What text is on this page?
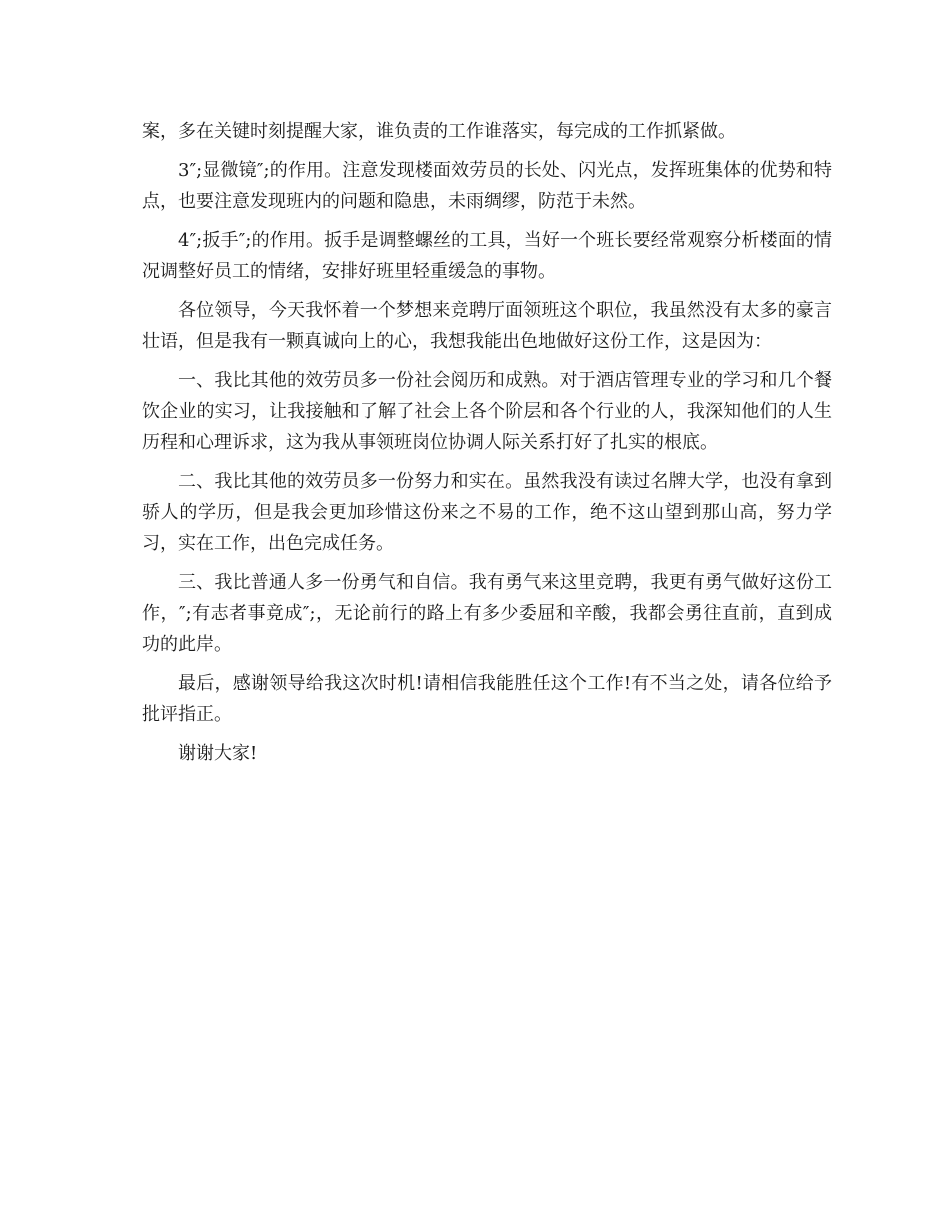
案，多在关键时刻提醒大家，谁负责的工作谁落实，每完成的工作抓紧做。

3″;显微镜″;的作用。注意发现楼面效劳员的长处、闪光点，发挥班集体的优势和特点，也要注意发现班内的问题和隐患，未雨绸缪，防范于未然。

4″;扳手″;的作用。扳手是调整螺丝的工具，当好一个班长要经常观察分析楼面的情况调整好员工的情绪，安排好班里轻重缓急的事物。

各位领导，今天我怀着一个梦想来竞聘厅面领班这个职位，我虽然没有太多的豪言壮语，但是我有一颗真诚向上的心，我想我能出色地做好这份工作，这是因为：

一、我比其他的效劳员多一份社会阅历和成熟。对于酒店管理专业的学习和几个餐饮企业的实习，让我接触和了解了社会上各个阶层和各个行业的人，我深知他们的人生历程和心理诉求，这为我从事领班岗位协调人际关系打好了扎实的根底。

二、我比其他的效劳员多一份努力和实在。虽然我没有读过名牌大学，也没有拿到骄人的学历，但是我会更加珍惜这份来之不易的工作，绝不这山望到那山高，努力学习，实在工作，出色完成任务。

三、我比普通人多一份勇气和自信。我有勇气来这里竞聘，我更有勇气做好这份工作，″;有志者事竟成″;，无论前行的路上有多少委屈和辛酸，我都会勇往直前，直到成功的此岸。

最后，感谢领导给我这次时机!请相信我能胜任这个工作!有不当之处，请各位给予批评指正。

谢谢大家!
